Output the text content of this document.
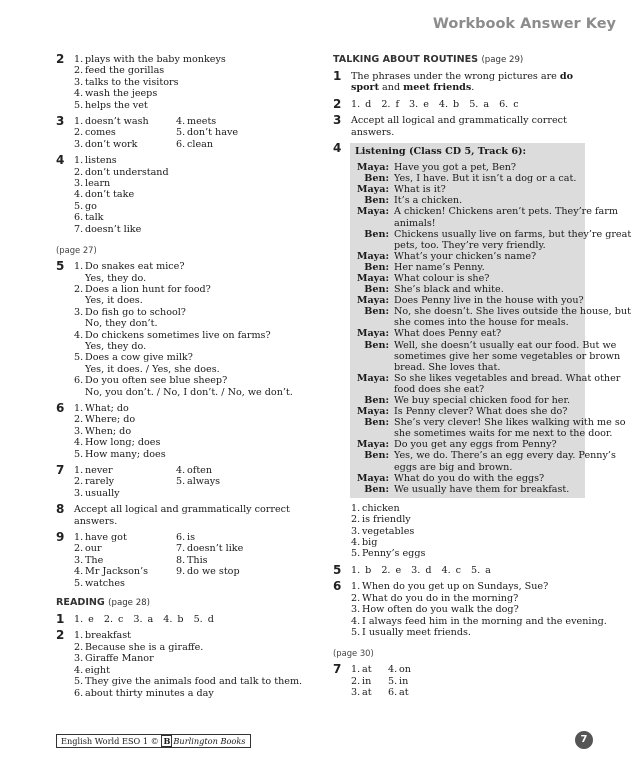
Workbook Answer Key
2 1. plays with the baby monkeys
2. feed the gorillas
3. talks to the visitors
4. wash the jeeps
5. helps the vet
3 1. doesn’t wash
2. comes
3. don’t work
4. meets
5. don’t have
6. clean
4 1. listens
2. don’t understand
3. learn
4. don’t take
5. go
6. talk
7. doesn’t like
(page 27)
5 1. Do snakes eat mice?
Yes, they do.
2. Does a lion hunt for food?
Yes, it does.
3. Do fish go to school?
No, they don’t.
4. Do chickens sometimes live on farms?
Yes, they do.
5. Does a cow give milk?
Yes, it does. / Yes, she does.
6. Do you often see blue sheep?
No, you don’t. / No, I don’t. / No, we don’t.
6 1. What; do
2. Where; do
3. When; do
4. How long; does
5. How many; does
7 1. never
2. rarely
3. usually
4. often
5. always
8 Accept all logical and grammatically correct answers.
9 1. have got
2. our
3. The
4. Mr Jackson’s
5. watches
6. is
7. doesn’t like
8. This
9. do we stop
READING (page 28)
1 1. e 2. c 3. a 4. b 5. d
2 1. breakfast
2. Because she is a giraffe.
3. Giraffe Manor
4. eight
5. They give the animals food and talk to them.
6. about thirty minutes a day
TALKING ABOUT ROUTINES (page 29)
1 The phrases under the wrong pictures are do sport and meet friends.
2 1. d 2. f 3. e 4. b 5. a 6. c
3 Accept all logical and grammatically correct answers.
4 Listening (Class CD 5, Track 6):
Maya: Have you got a pet, Ben?
Ben: Yes, I have. But it isn’t a dog or a cat.
Maya: What is it?
Ben: It’s a chicken.
Maya: A chicken! Chickens aren’t pets. They’re farm
animals!
Ben: Chickens usually live on farms, but they’re great
pets, too. They’re very friendly.
Maya: What’s your chicken’s name?
Ben: Her name’s Penny.
Maya: What colour is she?
Ben: She’s black and white.
Maya: Does Penny live in the house with you?
Ben: No, she doesn’t. She lives outside the house, but
she comes into the house for meals.
Maya: What does Penny eat?
Ben: Well, she doesn’t usually eat our food. But we
sometimes give her some vegetables or brown
bread. She loves that.
Maya: So she likes vegetables and bread. What other
food does she eat?
Ben: We buy special chicken food for her.
Maya: Is Penny clever? What does she do?
Ben: She’s very clever! She likes walking with me so
she sometimes waits for me next to the door.
Maya: Do you get any eggs from Penny?
Ben: Yes, we do. There’s an egg every day. Penny’s
eggs are big and brown.
Maya: What do you do with the eggs?
Ben: We usually have them for breakfast.
1. chicken
2. is friendly
3. vegetables
4. big
5. Penny’s eggs
5 1. b 2. e 3. d 4. c 5. a
6 1. When do you get up on Sundays, Sue?
2. What do you do in the morning?
3. How often do you walk the dog?
4. I always feed him in the morning and the evening.
5. I usually meet friends.
(page 30)
7 1. at
2. in
3. at
4. on
5. in
6. at
English World ESO 1 © B Burlington Books	7
